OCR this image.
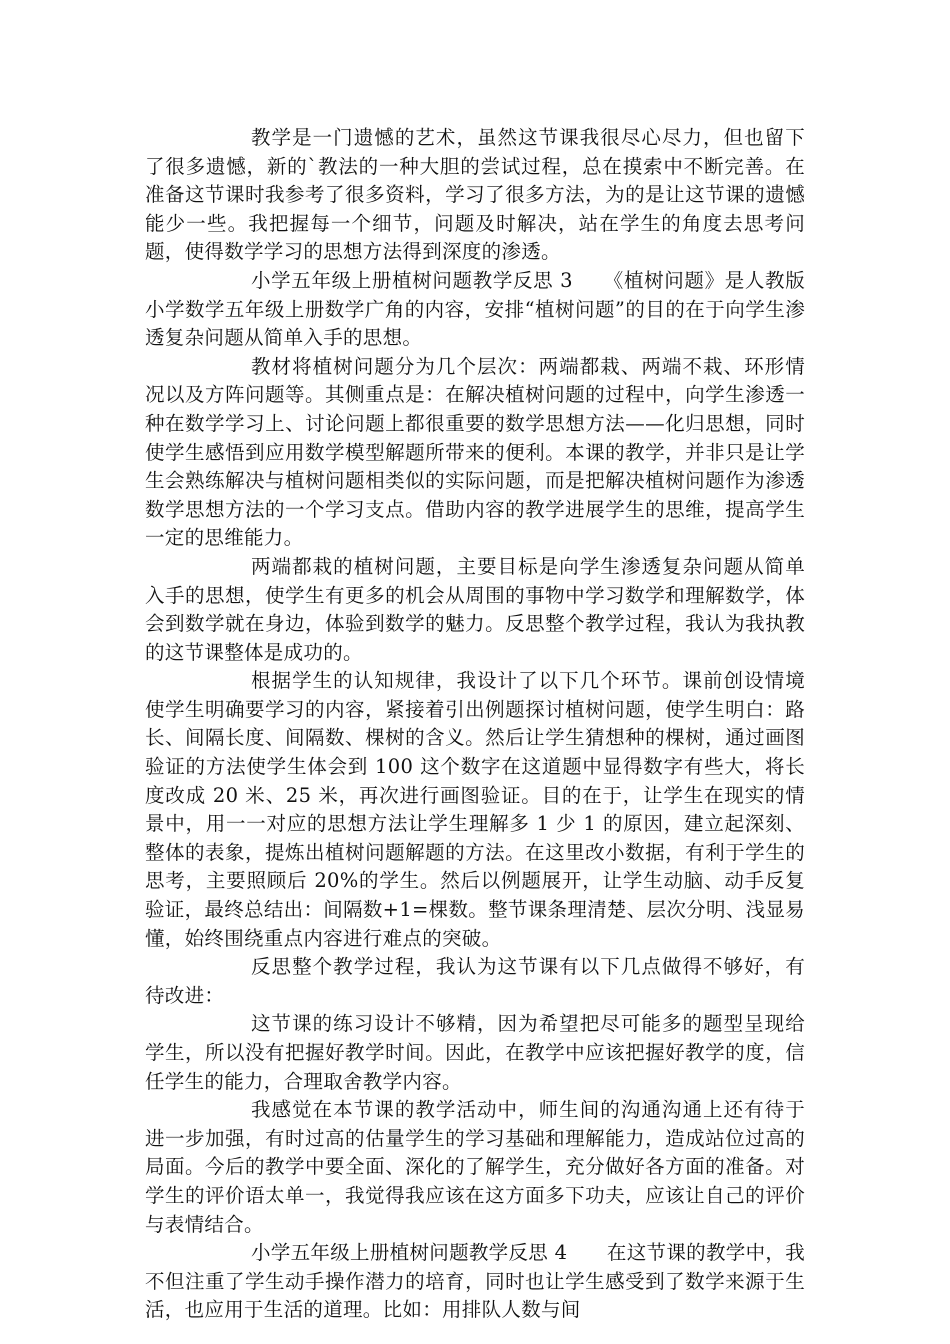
教学是一门遗憾的艺术，虽然这节课我很尽心尽力，但也留下了很多遗憾，新的`教法的一种大胆的尝试过程，总在摸索中不断完善。在准备这节课时我参考了很多资料，学习了很多方法，为的是让这节课的遗憾能少一些。我把握每一个细节，问题及时解决，站在学生的角度去思考问题，使得数学学习的思想方法得到深度的渗透。

小学五年级上册植树问题教学反思 3　　《植树问题》是人教版小学数学五年级上册数学广角的内容，安排“植树问题”的目的在于向学生渗透复杂问题从简单入手的思想。

教材将植树问题分为几个层次：两端都栽、两端不栽、环形情况以及方阵问题等。其侧重点是：在解决植树问题的过程中，向学生渗透一种在数学学习上、讨论问题上都很重要的数学思想方法——化归思想，同时使学生感悟到应用数学模型解题所带来的便利。本课的教学，并非只是让学生会熟练解决与植树问题相类似的实际问题，而是把解决植树问题作为渗透数学思想方法的一个学习支点。借助内容的教学进展学生的思维，提高学生一定的思维能力。

两端都栽的植树问题，主要目标是向学生渗透复杂问题从简单入手的思想，使学生有更多的机会从周围的事物中学习数学和理解数学，体会到数学就在身边，体验到数学的魅力。反思整个教学过程，我认为我执教的这节课整体是成功的。

根据学生的认知规律，我设计了以下几个环节。课前创设情境使学生明确要学习的内容，紧接着引出例题探讨植树问题，使学生明白：路长、间隔长度、间隔数、棵树的含义。然后让学生猜想种的棵树，通过画图验证的方法使学生体会到 100 这个数字在这道题中显得数字有些大，将长度改成 20 米、25 米，再次进行画图验证。目的在于，让学生在现实的情景中，用一一对应的思想方法让学生理解多 1 少 1 的原因，建立起深刻、整体的表象，提炼出植树问题解题的方法。在这里改小数据，有利于学生的思考，主要照顾后 20%的学生。然后以例题展开，让学生动脑、动手反复验证，最终总结出：间隔数+1=棵数。整节课条理清楚、层次分明、浅显易懂，始终围绕重点内容进行难点的突破。

反思整个教学过程，我认为这节课有以下几点做得不够好，有待改进：

这节课的练习设计不够精，因为希望把尽可能多的题型呈现给学生，所以没有把握好教学时间。因此，在教学中应该把握好教学的度，信任学生的能力，合理取舍教学内容。

我感觉在本节课的教学活动中，师生间的沟通沟通上还有待于进一步加强，有时过高的估量学生的学习基础和理解能力，造成站位过高的局面。今后的教学中要全面、深化的了解学生，充分做好各方面的准备。对学生的评价语太单一，我觉得我应该在这方面多下功夫，应该让自己的评价与表情结合。

小学五年级上册植树问题教学反思 4　　在这节课的教学中，我不但注重了学生动手操作潜力的培育，同时也让学生感受到了数学来源于生活，也应用于生活的道理。比如：用排队人数与间
